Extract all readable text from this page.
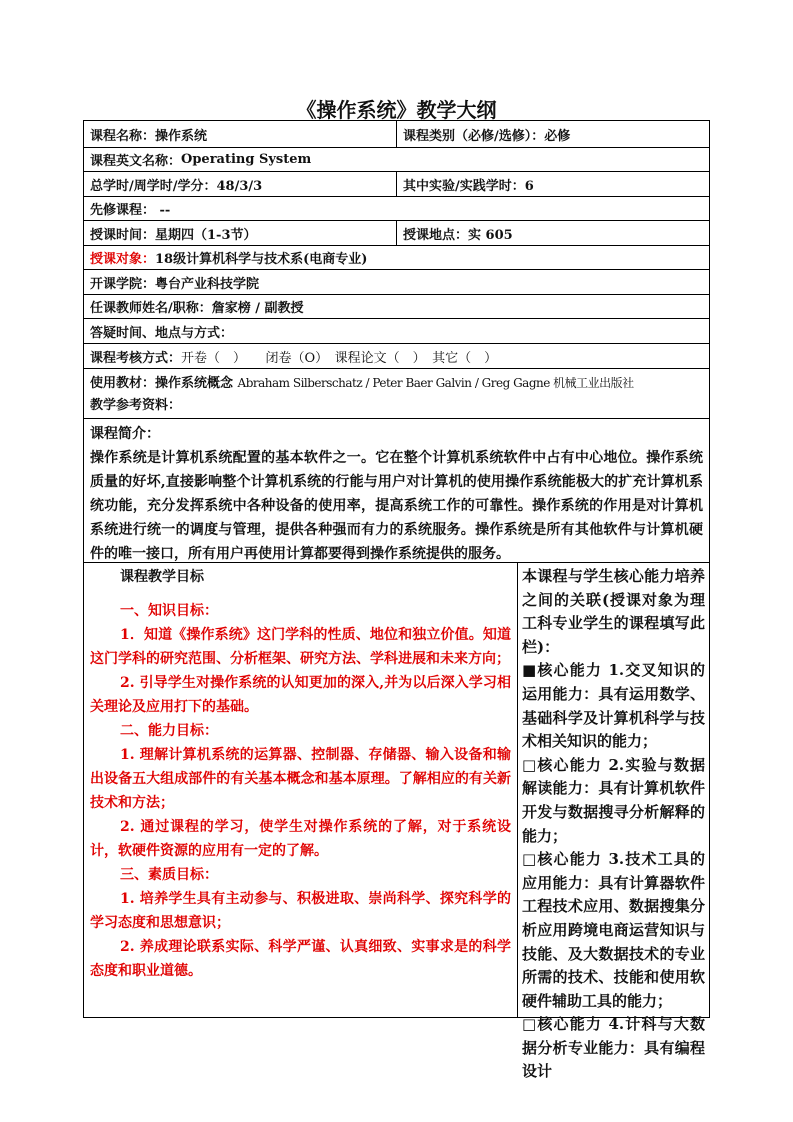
《操作系统》教学大纲
课程名称：操作系统	课程类别（必修/选修）：必修
课程英文名称： Operating System
总学时/周学时/学分：48/3/3	其中实验/实践学时：6
先修课程： --
授课时间：星期四（1-3节）	授课地点：实 605
授课对象： 18级计算机科学与技术系(电商专业)
开课学院：粤台产业科技学院
任课教师姓名/职称：詹家榜 / 副教授
答疑时间、地点与方式：
课程考核方式： 开卷（　）　　闭卷（O）　课程论文（　）　其它（　）
使用教材：操作系统概念 Abraham Silberschatz / Peter Baer Galvin / Greg Gagne 机械工业出版社
教学参考资料：

课程简介：

操作系统是计算机系统配置的基本软件之一。它在整个计算机系统软件中占有中心地位。操作系统质量的好坏,直接影响整个计算机系统的行能与用户对计算机的使用操作系统能极大的扩充计算机系统功能，充分发挥系统中各种设备的使用率，提高系统工作的可靠性。操作系统的作用是对计算机系统进行统一的调度与管理，提供各种强而有力的系统服务。操作系统是所有其他软件与计算机硬件的唯一接口，所有用户再使用计算都要得到操作系统提供的服务。

课程教学目标
一、知识目标：
1．知道《操作系统》这门学科的性质、地位和独立价值。知道这门学科的研究范围、分析框架、研究方法、学科进展和未来方向；
2. 引导学生对操作系统的认知更加的深入,并为以后深入学习相关理论及应用打下的基础。
二、能力目标：
1. 理解计算机系统的运算器、控制器、存储器、输入设备和输出设备五大组成部件的有关基本概念和基本原理。了解相应的有关新技术和方法；
2. 通过课程的学习，使学生对操作系统的了解，对于系统设计，软硬件资源的应用有一定的了解。
三、素质目标：
1. 培养学生具有主动参与、积极进取、崇尚科学、探究科学的学习态度和思想意识；
2. 养成理论联系实际、科学严谨、认真细致、实事求是的科学态度和职业道德。
本课程与学生核心能力培养之间的关联(授课对象为理工科专业学生的课程填写此栏)：
■核心能力 1.交叉知识的运用能力：具有运用数学、基础科学及计算机科学与技术相关知识的能力；
□核心能力 2.实验与数据解读能力：具有计算机软件开发与数据搜寻分析解释的能力；
□核心能力 3.技术工具的应用能力：具有计算器软件工程技术应用、数据搜集分析应用跨境电商运营知识与技能、及大数据技术的专业所需的技术、技能和使用软硬件辅助工具的能力；
□核心能力 4.计科与大数据分析专业能力：具有编程设计
